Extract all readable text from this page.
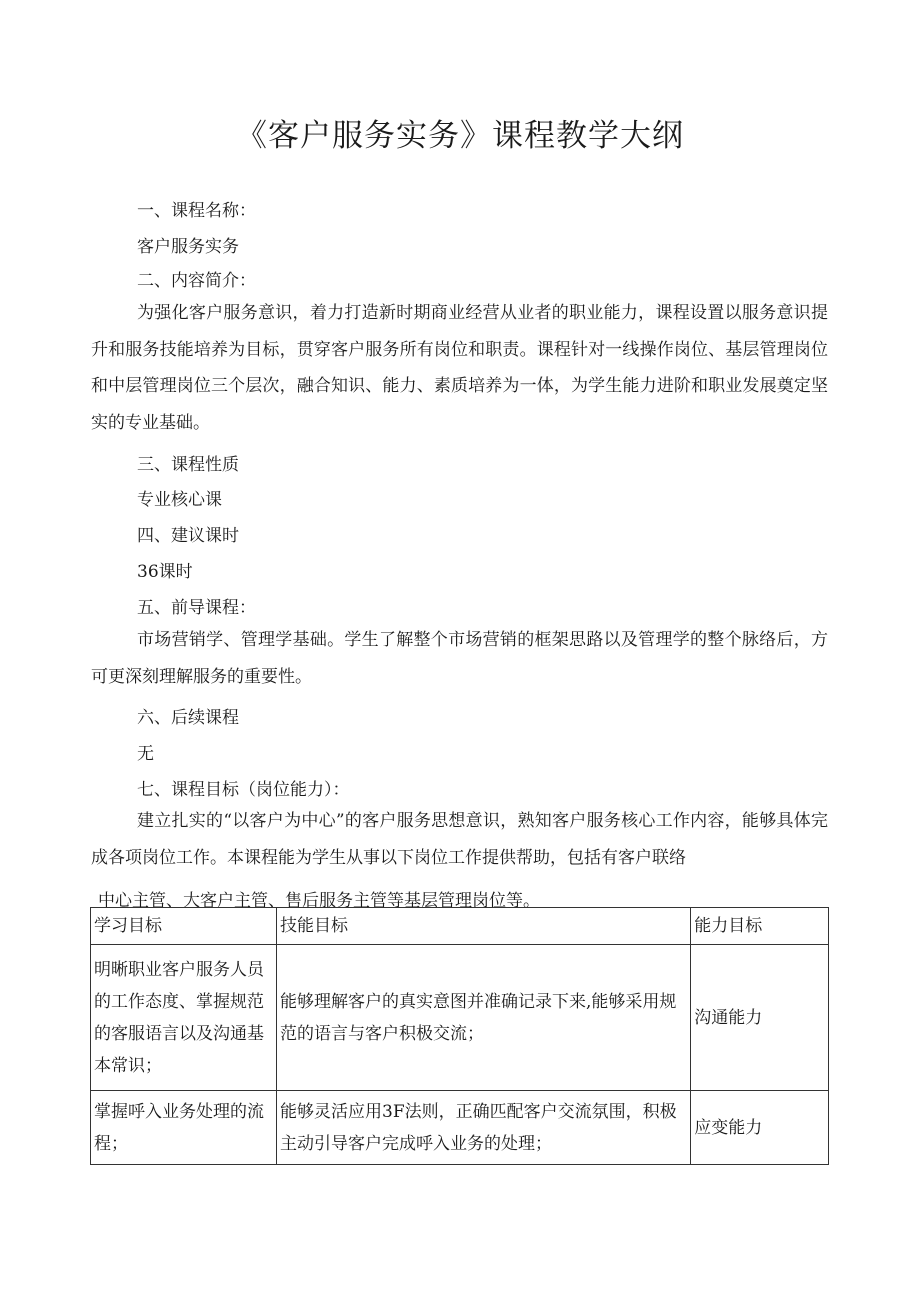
《客户服务实务》课程教学大纲
一、课程名称：
客户服务实务
二、内容简介：
为强化客户服务意识，着力打造新时期商业经营从业者的职业能力，课程设置以服务意识提升和服务技能培养为目标，贯穿客户服务所有岗位和职责。课程针对一线操作岗位、基层管理岗位和中层管理岗位三个层次，融合知识、能力、素质培养为一体，为学生能力进阶和职业发展奠定坚实的专业基础。
三、课程性质
专业核心课
四、建议课时
36课时
五、前导课程：
市场营销学、管理学基础。学生了解整个市场营销的框架思路以及管理学的整个脉络后，方可更深刻理解服务的重要性。
六、后续课程
无
七、课程目标（岗位能力）：
建立扎实的“以客户为中心”的客户服务思想意识，熟知客户服务核心工作内容，能够具体完成各项岗位工作。本课程能为学生从事以下岗位工作提供帮助，包括有客户联络
中心主管、大客户主管、售后服务主管等基层管理岗位等。
学习目标	技能目标	能力目标
明晰职业客户服务人员的工作态度、掌握规范的客服语言以及沟通基本常识；	能够理解客户的真实意图并准确记录下来,能够采用规范的语言与客户积极交流；	沟通能力
掌握呼入业务处理的流程；	能够灵活应用3F法则，正确匹配客户交流氛围，积极主动引导客户完成呼入业务的处理；	应变能力
